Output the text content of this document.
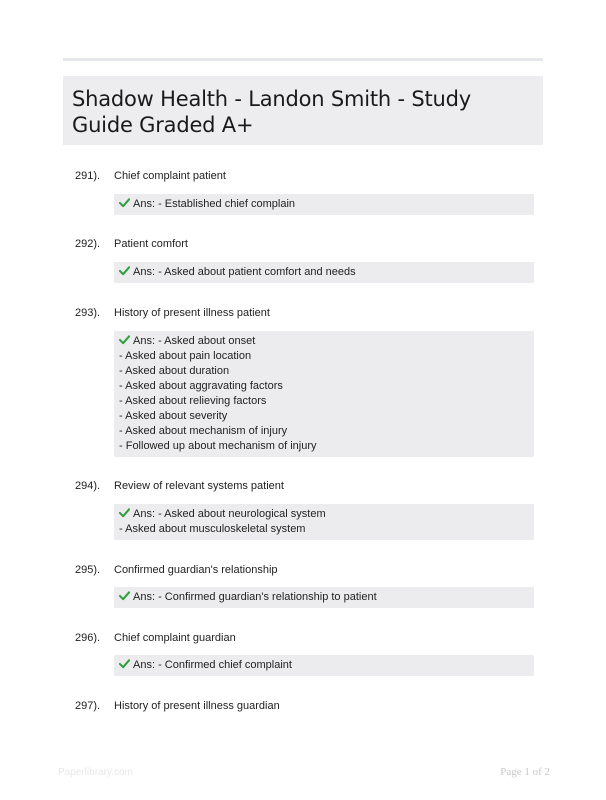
Shadow Health - Landon Smith - Study Guide Graded A+
291). Chief complaint patient
Ans: - Established chief complain
292). Patient comfort
Ans: - Asked about patient comfort and needs
293). History of present illness patient
Ans: - Asked about onset
- Asked about pain location
- Asked about duration
- Asked about aggravating factors
- Asked about relieving factors
- Asked about severity
- Asked about mechanism of injury
- Followed up about mechanism of injury
294). Review of relevant systems patient
Ans: - Asked about neurological system
- Asked about musculoskeletal system
295). Confirmed guardian's relationship
Ans: - Confirmed guardian's relationship to patient
296). Chief complaint guardian
Ans: - Confirmed chief complaint
297). History of present illness guardian
Paperlibrary.com	Page 1 of 2
